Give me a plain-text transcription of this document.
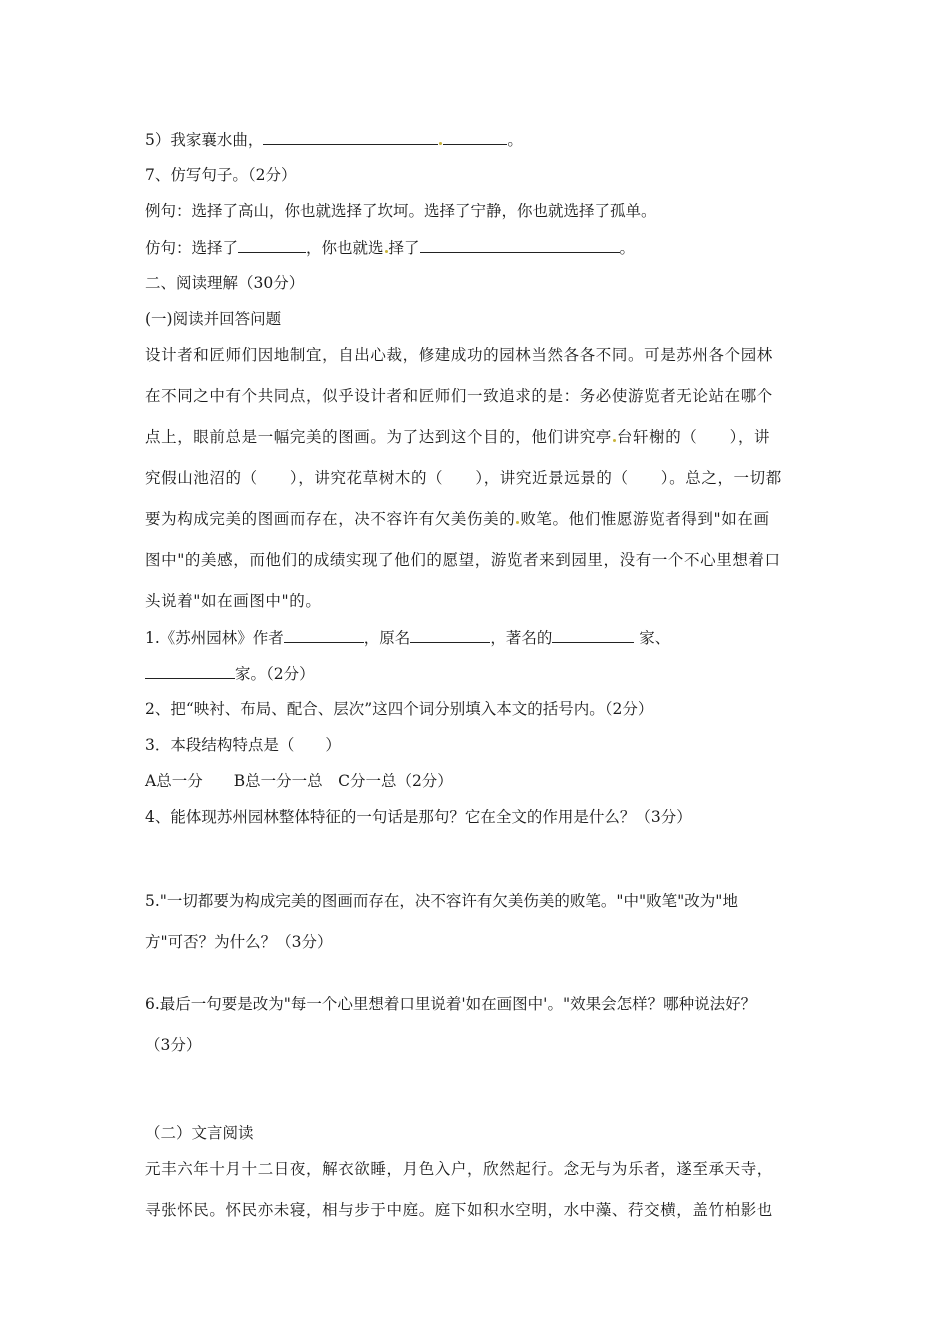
5）我家襄水曲，	。
7、仿写句子。（2分）
例句：选择了高山，你也就选择了坎坷。选择了宁静，你也就选择了孤单。
仿句：选择了	，你也就选 择了	。
二、阅读理解（30分）
(一)阅读并回答问题
设计者和匠师们因地制宜，自出心裁，修建成功的园林当然各各不同。可是苏州各个园林
在不同之中有个共同点，似乎设计者和匠师们一致追求的是：务必使游览者无论站在哪个
点上，眼前总是一幅完美的图画。为了达到这个目的，他们讲究亭 台轩榭的（　　），讲
究假山池沼的（　　），讲究花草树木的（　　），讲究近景远景的（　　）。总之，一切都
要为构成完美的图画而存在，决不容许有欠美伤美的 败笔。他们惟愿游览者得到"如在画
图中"的美感，而他们的成绩实现了他们的愿望，游览者来到园里，没有一个不心里想着口
头说着"如在画图中"的。
1.《苏州园林》作者	，原名	，著名的	家、
家。（2分）
2、把“映衬、布局、配合、层次”这四个词分别填入本文的括号内。（2分）
3．本段结构特点是（　　）
A总一分　　B总一分一总　C分一总（2分）
4、能体现苏州园林整体特征的一句话是那句？它在全文的作用是什么？（3分）
5."一切都要为构成完美的图画而存在，决不容许有欠美伤美的败笔。"中"败笔"改为"地
方"可否？为什么？（3分）
6.最后一句要是改为"每一个心里想着口里说着'如在画图中'。"效果会怎样？哪种说法好？
（3分）
（二）文言阅读
元丰六年十月十二日夜，解衣欲睡，月色入户，欣然起行。念无与为乐者，遂至承天寺，
寻张怀民。怀民亦未寝，相与步于中庭。庭下如积水空明，水中藻、荇交横，盖竹柏影也
